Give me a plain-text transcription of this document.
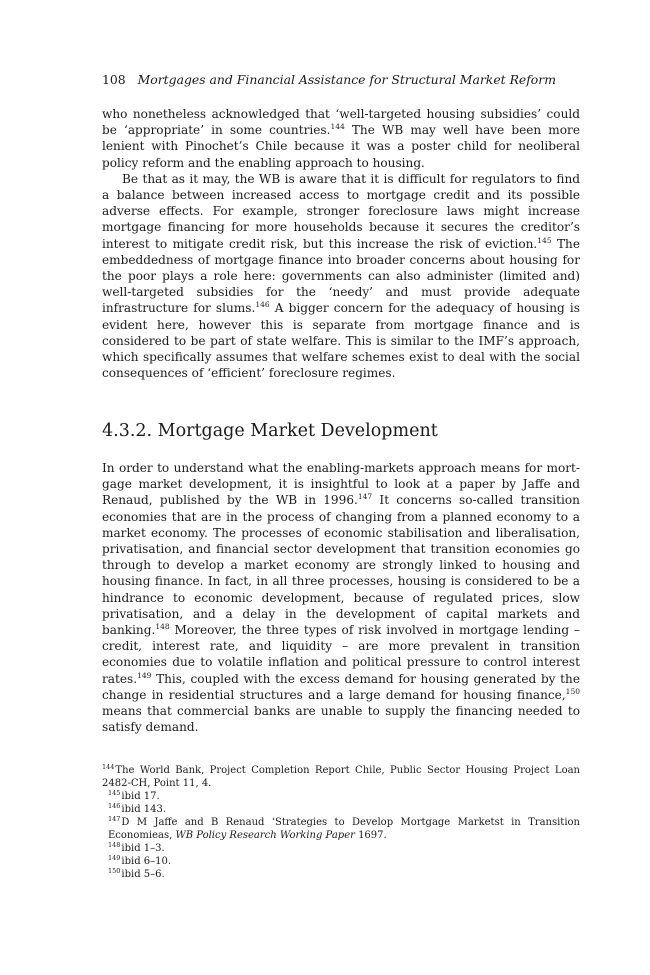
108 Mortgages and Financial Assistance for Structural Market Reform

who nonetheless acknowledged that ‘well-targeted housing subsidies’ could be ‘appropriate’ in some countries.$^{144}$ The WB may well have been more lenient with Pinochet’s Chile because it was a poster child for neoliberal policy reform and the enabling approach to housing.

Be that as it may, the WB is aware that it is difficult for regulators to find a balance between increased access to mortgage credit and its possible adverse effects. For example, stronger foreclosure laws might increase mortgage financing for more households because it secures the creditor’s interest to mitigate credit risk, but this increase the risk of eviction.$^{145}$ The embeddedness of mortgage finance into broader concerns about housing for the poor plays a role here: governments can also administer (limited and) well-targeted subsidies for the ‘needy’ and must provide adequate infrastructure for slums.$^{146}$ A bigger concern for the adequacy of housing is evident here, however this is separate from mortgage finance and is considered to be part of state welfare. This is similar to the IMF’s approach, which specifically assumes that welfare schemes exist to deal with the social consequences of ‘efficient’ foreclosure regimes.

4.3.2. Mortgage Market Development

In order to understand what the enabling-markets approach means for mortgage market development, it is insightful to look at a paper by Jaffe and Renaud, published by the WB in 1996.$^{147}$ It concerns so-called transition economies that are in the process of changing from a planned economy to a market economy. The processes of economic stabilisation and liberalisation, privatisation, and financial sector development that transition economies go through to develop a market economy are strongly linked to housing and housing finance. In fact, in all three processes, housing is considered to be a hindrance to economic development, because of regulated prices, slow privatisation, and a delay in the development of capital markets and banking.$^{148}$ Moreover, the three types of risk involved in mortgage lending – credit, interest rate, and liquidity – are more prevalent in transition economies due to volatile inflation and political pressure to control interest rates.$^{149}$ This, coupled with the excess demand for housing generated by the change in residential structures and a large demand for housing finance,$^{150}$ means that commercial banks are unable to supply the financing needed to satisfy demand.

$^{144}$The World Bank, Project Completion Report Chile, Public Sector Housing Project Loan 2482-CH, Point 11, 4.

$^{145}$ibid 17.

$^{146}$ibid 143.

$^{147}$D M Jaffe and B Renaud ‘Strategies to Develop Mortgage Marketst in Transition Economieas, WB Policy Research Working Paper 1697.

$^{148}$ibid 1–3.

$^{149}$ibid 6–10.

$^{150}$ibid 5–6.
